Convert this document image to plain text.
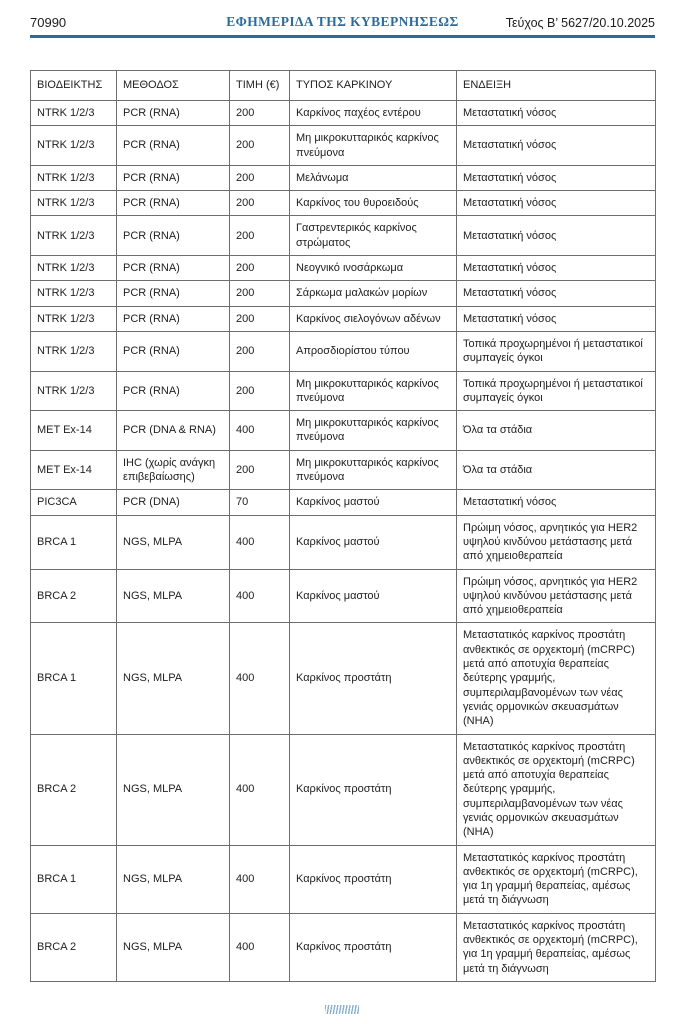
70990	ΕΦΗΜΕΡΙΔΑ ΤΗΣ ΚΥΒΕΡΝΗΣΕΩΣ	Τεύχος Β’ 5627/20.10.2025
ΒΙΟΔΕΙΚΤΗΣ	ΜΕΘΟΔΟΣ	ΤΙΜΗ (€)	ΤΥΠΟΣ ΚΑΡΚΙΝΟΥ	ΕΝΔΕΙΞΗ
NTRK 1/2/3	PCR (RNA)	200	Καρκίνος παχέος εντέρου	Μεταστατική νόσος
NTRK 1/2/3	PCR (RNA)	200	Μη μικροκυτταρικός καρκίνος πνεύμονα	Μεταστατική νόσος
NTRK 1/2/3	PCR (RNA)	200	Μελάνωμα	Μεταστατική νόσος
NTRK 1/2/3	PCR (RNA)	200	Καρκίνος του θυροειδούς	Μεταστατική νόσος
NTRK 1/2/3	PCR (RNA)	200	Γαστρεντερικός καρκίνος στρώματος	Μεταστατική νόσος
NTRK 1/2/3	PCR (RNA)	200	Νεογνικό ινοσάρκωμα	Μεταστατική νόσος
NTRK 1/2/3	PCR (RNA)	200	Σάρκωμα μαλακών μορίων	Μεταστατική νόσος
NTRK 1/2/3	PCR (RNA)	200	Καρκίνος σιελογόνων αδένων	Μεταστατική νόσος
NTRK 1/2/3	PCR (RNA)	200	Απροσδιορίστου τύπου	Τοπικά προχωρημένοι ή μεταστατικοί συμπαγείς όγκοι
NTRK 1/2/3	PCR (RNA)	200	Μη μικροκυτταρικός καρκίνος πνεύμονα	Τοπικά προχωρημένοι ή μεταστατικοί συμπαγείς όγκοι
MET Ex-14	PCR (DNA & RNA)	400	Μη μικροκυτταρικός καρκίνος πνεύμονα	Όλα τα στάδια
MET Ex-14	IHC (χωρίς ανάγκη επιβεβαίωσης)	200	Μη μικροκυτταρικός καρκίνος πνεύμονα	Όλα τα στάδια
PIC3CA	PCR (DNA)	70	Καρκίνος μαστού	Μεταστατική νόσος
BRCA 1	NGS, MLPA	400	Καρκίνος μαστού	Πρώιμη νόσος, αρνητικός για HER2 υψηλού κινδύνου μετάστασης μετά από χημειοθεραπεία
BRCA 2	NGS, MLPA	400	Καρκίνος μαστού	Πρώιμη νόσος, αρνητικός για HER2 υψηλού κινδύνου μετάστασης μετά από χημειοθεραπεία
BRCA 1	NGS, MLPA	400	Καρκίνος προστάτη	Μεταστατικός καρκίνος προστάτη ανθεκτικός σε ορχεκτομή (mCRPC) μετά από αποτυχία θεραπείας δεύτερης γραμμής, συμπεριλαμβανομένων των νέας γενιάς ορμονικών σκευασμάτων (NHA)
BRCA 2	NGS, MLPA	400	Καρκίνος προστάτη	Μεταστατικός καρκίνος προστάτη ανθεκτικός σε ορχεκτομή (mCRPC) μετά από αποτυχία θεραπείας δεύτερης γραμμής, συμπεριλαμβανομένων των νέας γενιάς ορμονικών σκευασμάτων (NHA)
BRCA 1	NGS, MLPA	400	Καρκίνος προστάτη	Μεταστατικός καρκίνος προστάτη ανθεκτικός σε ορχεκτομή (mCRPC), για 1η γραμμή θεραπείας, αμέσως μετά τη διάγνωση
BRCA 2	NGS, MLPA	400	Καρκίνος προστάτη	Μεταστατικός καρκίνος προστάτη ανθεκτικός σε ορχεκτομή (mCRPC), για 1η γραμμή θεραπείας, αμέσως μετά τη διάγνωση
